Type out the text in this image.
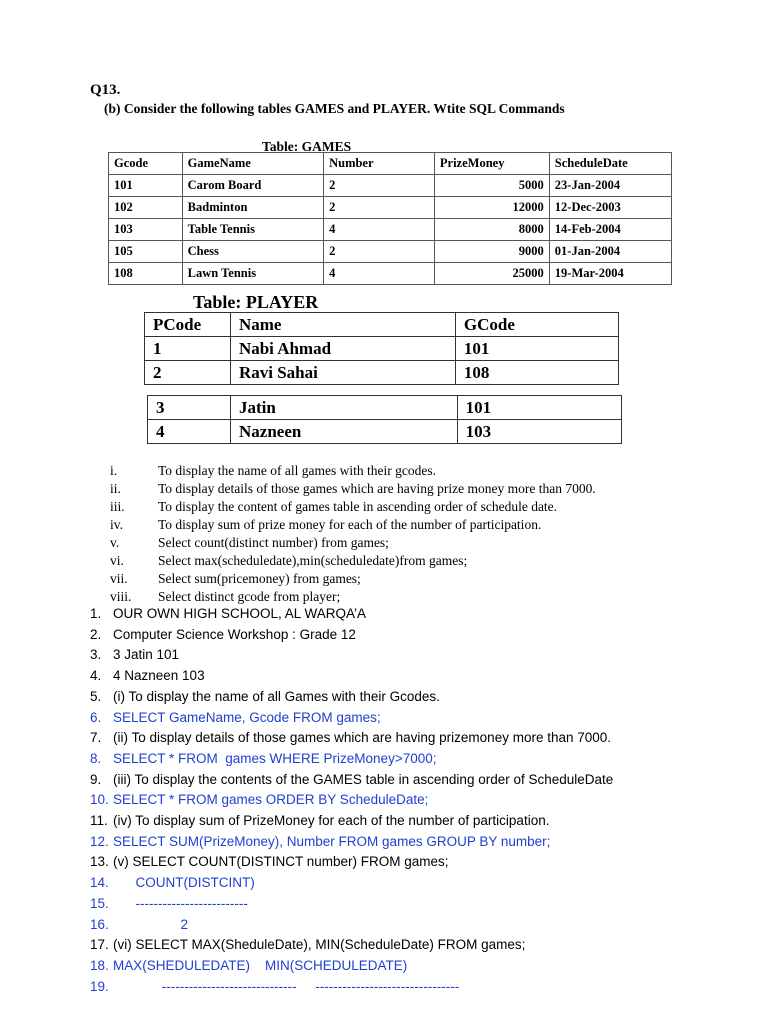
Q13.
(b) Consider the following tables GAMES and PLAYER. Wtite SQL Commands
Table: GAMES
Gcode	GameName	Number	PrizeMoney	ScheduleDate
101	Carom Board	2	5000	23-Jan-2004
102	Badminton	2	12000	12-Dec-2003
103	Table Tennis	4	8000	14-Feb-2004
105	Chess	2	9000	01-Jan-2004
108	Lawn Tennis	4	25000	19-Mar-2004
Table: PLAYER
PCode	Name	GCode
1	Nabi Ahmad	101
2	Ravi Sahai	108
3	Jatin	101
4	Nazneen	103
i.	To display the name of all games with their gcodes.
ii.	To display details of those games which are having prize money more than 7000.
iii.	To display the content of games table in ascending order of schedule date.
iv.	To display sum of prize money for each of the number of participation.
v.	Select count(distinct number) from games;
vi.	Select max(scheduledate),min(scheduledate)from games;
vii.	Select sum(pricemoney) from games;
viii.	Select distinct gcode from player;
1. OUR OWN HIGH SCHOOL, AL WARQA’A
2. Computer Science Workshop : Grade 12
3. 3 Jatin 101
4. 4 Nazneen 103
5. (i) To display the name of all Games with their Gcodes.
6. SELECT GameName, Gcode FROM games;
7. (ii) To display details of those games which are having prizemoney more than 7000.
8. SELECT * FROM  games WHERE PrizeMoney>7000;
9. (iii) To display the contents of the GAMES table in ascending order of ScheduleDate
10. SELECT * FROM games ORDER BY ScheduleDate;
11. (iv) To display sum of PrizeMoney for each of the number of participation.
12. SELECT SUM(PrizeMoney), Number FROM games GROUP BY number;
13. (v) SELECT COUNT(DISTINCT number) FROM games;
14. COUNT(DISTCINT)
15. -------------------------
16. 2
17. (vi) SELECT MAX(SheduleDate), MIN(ScheduleDate) FROM games;
18. MAX(SHEDULEDATE)    MIN(SCHEDULEDATE)
19. ------------------------------     --------------------------------
